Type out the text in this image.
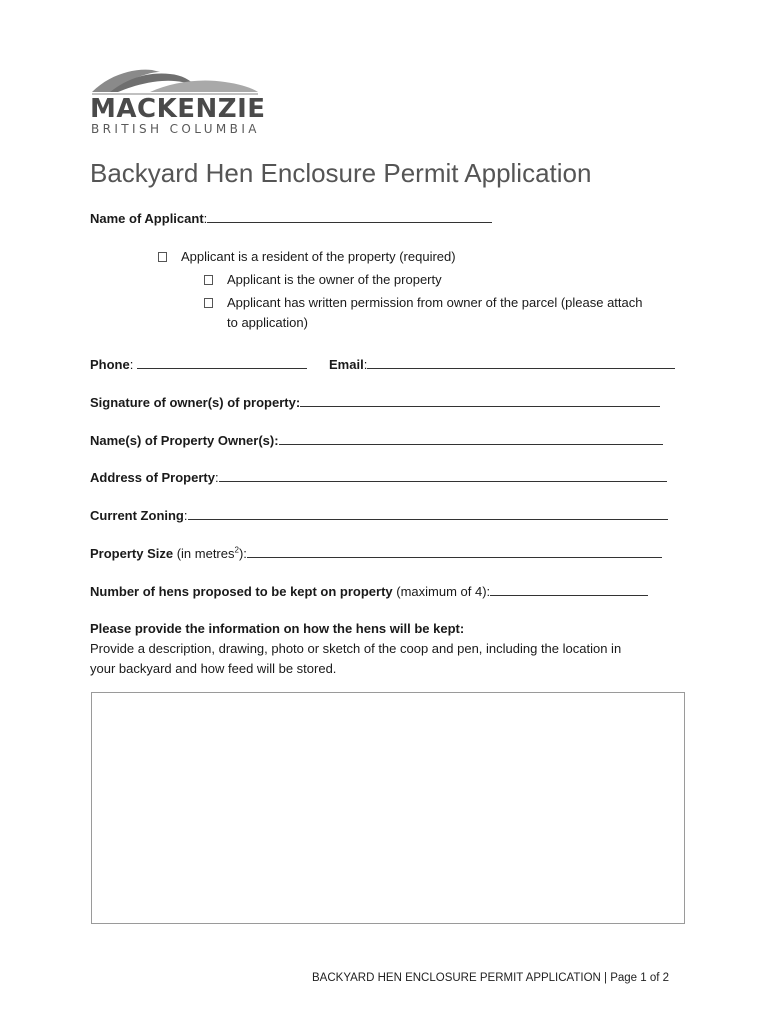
MACKENZIE
BRITISH COLUMBIA
Backyard Hen Enclosure Permit Application
Name of Applicant:
Applicant is a resident of the property (required)
Applicant is the owner of the property
Applicant has written permission from owner of the parcel (please attach
to application)
Phone:	Email:
Signature of owner(s) of property:
Name(s) of Property Owner(s):
Address of Property:
Current Zoning:
Property Size (in metres$^2$):
Number of hens proposed to be kept on property (maximum of 4):
Please provide the information on how the hens will be kept:
Provide a description, drawing, photo or sketch of the coop and pen, including the location in
your backyard and how feed will be stored.
BACKYARD HEN ENCLOSURE PERMIT APPLICATION | Page 1 of 2
